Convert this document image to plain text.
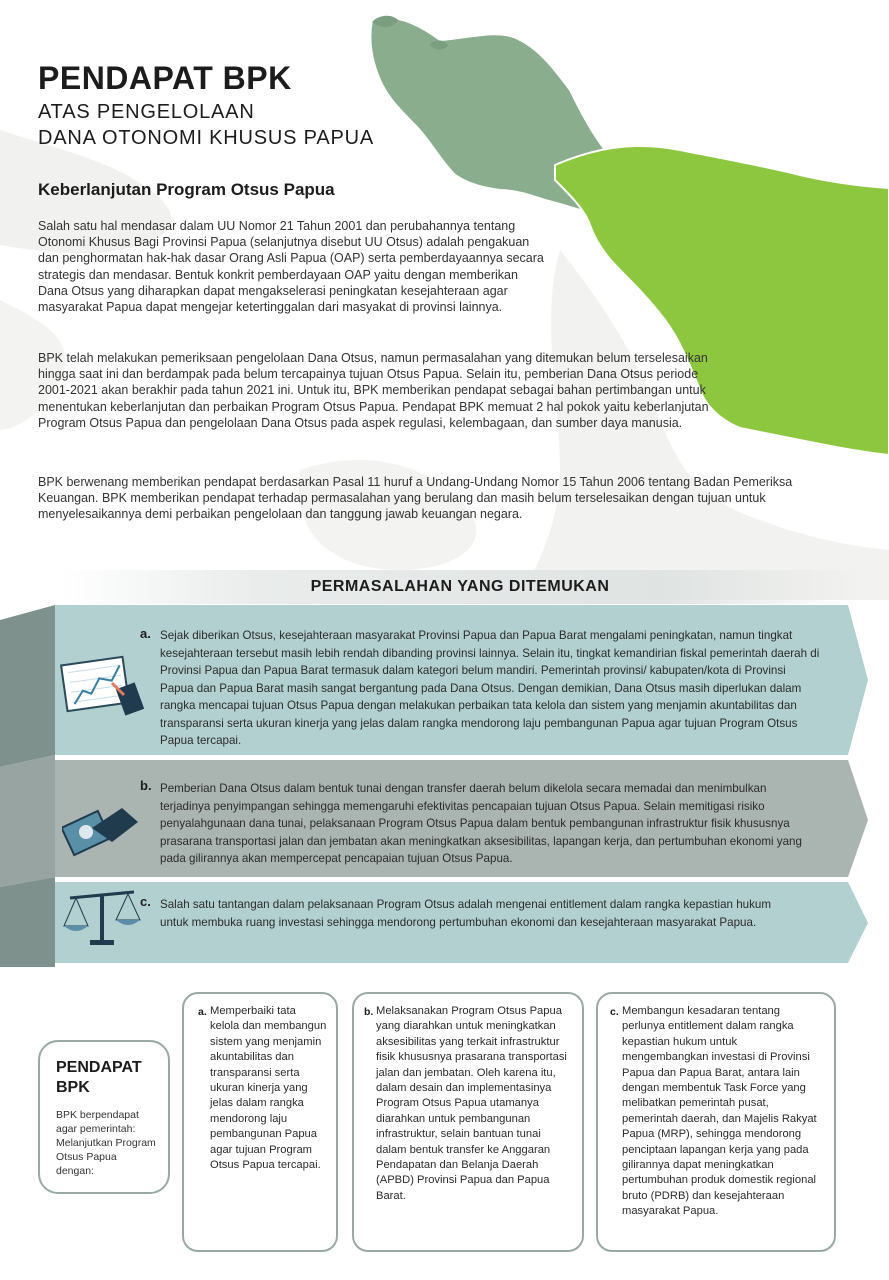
PENDAPAT BPK
ATAS PENGELOLAAN
DANA OTONOMI KHUSUS PAPUA
Keberlanjutan Program Otsus Papua

Salah satu hal mendasar dalam UU Nomor 21 Tahun 2001 dan perubahannya tentang Otonomi Khusus Bagi Provinsi Papua (selanjutnya disebut UU Otsus) adalah pengakuan dan penghormatan hak-hak dasar Orang Asli Papua (OAP) serta pemberdayaannya secara strategis dan mendasar. Bentuk konkrit pemberdayaan OAP yaitu dengan memberikan Dana Otsus yang diharapkan dapat mengakselerasi peningkatan kesejahteraan agar masyarakat Papua dapat mengejar ketertinggalan dari masyakat di provinsi lainnya.

BPK telah melakukan pemeriksaan pengelolaan Dana Otsus, namun permasalahan yang ditemukan belum terselesaikan hingga saat ini dan berdampak pada belum tercapainya tujuan Otsus Papua. Selain itu, pemberian Dana Otsus periode 2001-2021 akan berakhir pada tahun 2021 ini. Untuk itu, BPK memberikan pendapat sebagai bahan pertimbangan untuk menentukan keberlanjutan dan perbaikan Program Otsus Papua. Pendapat BPK memuat 2 hal pokok yaitu keberlanjutan Program Otsus Papua dan pengelolaan Dana Otsus pada aspek regulasi, kelembagaan, dan sumber daya manusia.

BPK berwenang memberikan pendapat berdasarkan Pasal 11 huruf a Undang-Undang Nomor 15 Tahun 2006 tentang Badan Pemeriksa Keuangan. BPK memberikan pendapat terhadap permasalahan yang berulang dan masih belum terselesaikan dengan tujuan untuk menyelesaikannya demi perbaikan pengelolaan dan tanggung jawab keuangan negara.

PERMASALAHAN YANG DITEMUKAN
a. Sejak diberikan Otsus, kesejahteraan masyarakat Provinsi Papua dan Papua Barat mengalami peningkatan, namun tingkat kesejahteraan tersebut masih lebih rendah dibanding provinsi lainnya. Selain itu, tingkat kemandirian fiskal pemerintah daerah di Provinsi Papua dan Papua Barat termasuk dalam kategori belum mandiri. Pemerintah provinsi/ kabupaten/kota di Provinsi Papua dan Papua Barat masih sangat bergantung pada Dana Otsus. Dengan demikian, Dana Otsus masih diperlukan dalam rangka mencapai tujuan Otsus Papua dengan melakukan perbaikan tata kelola dan sistem yang menjamin akuntabilitas dan transparansi serta ukuran kinerja yang jelas dalam rangka mendorong laju pembangunan Papua agar tujuan Program Otsus Papua tercapai.
b. Pemberian Dana Otsus dalam bentuk tunai dengan transfer daerah belum dikelola secara memadai dan menimbulkan terjadinya penyimpangan sehingga memengaruhi efektivitas pencapaian tujuan Otsus Papua. Selain memitigasi risiko penyalahgunaan dana tunai, pelaksanaan Program Otsus Papua dalam bentuk pembangunan infrastruktur fisik khususnya prasarana transportasi jalan dan jembatan akan meningkatkan aksesibilitas, lapangan kerja, dan pertumbuhan ekonomi yang pada gilirannya akan mempercepat pencapaian tujuan Otsus Papua.
c. Salah satu tantangan dalam pelaksanaan Program Otsus adalah mengenai entitlement dalam rangka kepastian hukum untuk membuka ruang investasi sehingga mendorong pertumbuhan ekonomi dan kesejahteraan masyarakat Papua.
PENDAPAT BPK
BPK berpendapat agar pemerintah: Melanjutkan Program Otsus Papua dengan:
a. Memperbaiki tata kelola dan membangun sistem yang menjamin akuntabilitas dan transparansi serta ukuran kinerja yang jelas dalam rangka mendorong laju pembangunan Papua agar tujuan Program Otsus Papua tercapai.
b. Melaksanakan Program Otsus Papua yang diarahkan untuk meningkatkan aksesibilitas yang terkait infrastruktur fisik khususnya prasarana transportasi jalan dan jembatan. Oleh karena itu, dalam desain dan implementasinya Program Otsus Papua utamanya diarahkan untuk pembangunan infrastruktur, selain bantuan tunai dalam bentuk transfer ke Anggaran Pendapatan dan Belanja Daerah (APBD) Provinsi Papua dan Papua Barat.
c. Membangun kesadaran tentang perlunya entitlement dalam rangka kepastian hukum untuk mengembangkan investasi di Provinsi Papua dan Papua Barat, antara lain dengan membentuk Task Force yang melibatkan pemerintah pusat, pemerintah daerah, dan Majelis Rakyat Papua (MRP), sehingga mendorong penciptaan lapangan kerja yang pada gilirannya dapat meningkatkan pertumbuhan produk domestik regional bruto (PDRB) dan kesejahteraan masyarakat Papua.
